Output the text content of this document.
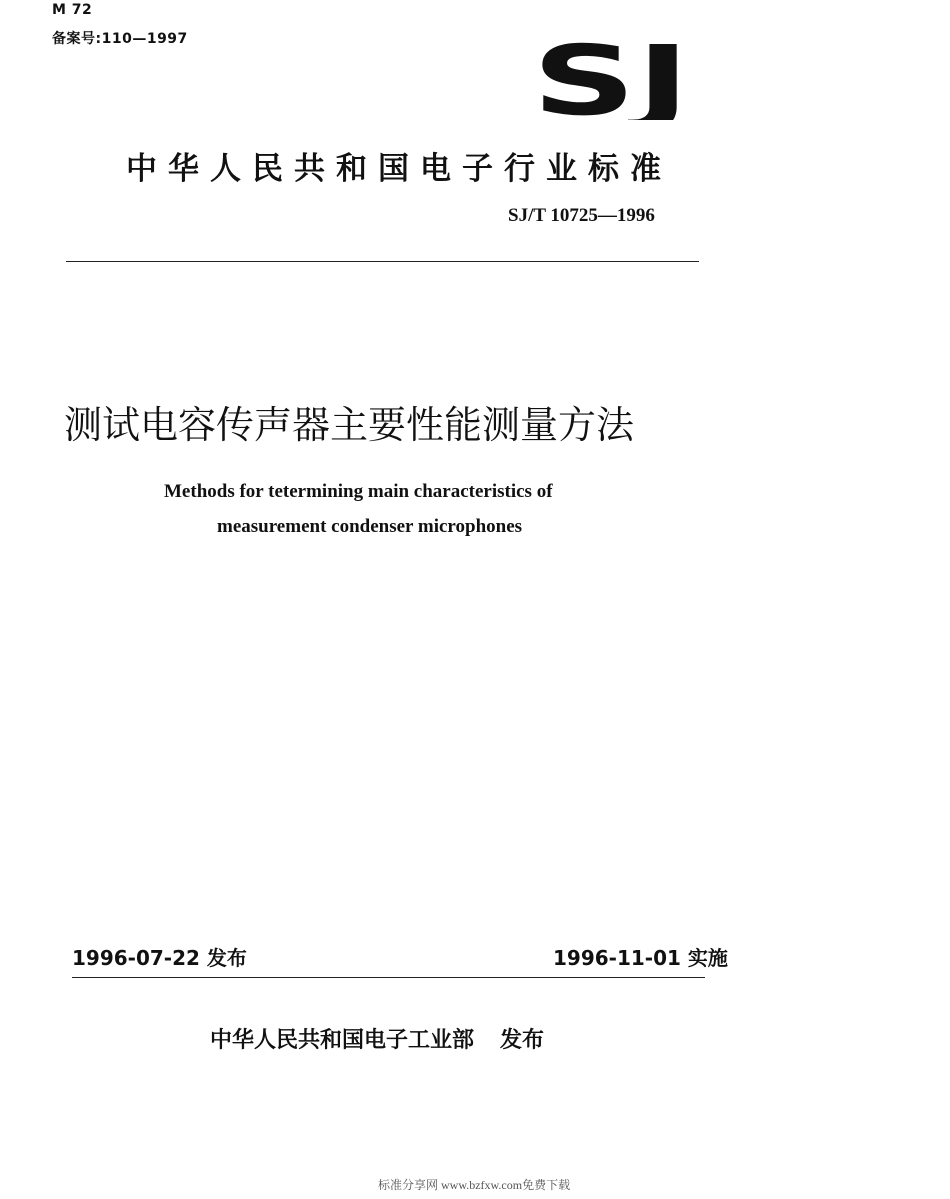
M 72
备案号:110—1997	SJ
中华人民共和国电子行业标准
SJ/T 10725—1996
测试电容传声器主要性能测量方法
Methods for tetermining main characteristics of
measurement condenser microphones
1996-07-22 发布	1996-11-01 实施
中华人民共和国电子工业部 发布
标准分享网 www.bzfxw.com免费下载
